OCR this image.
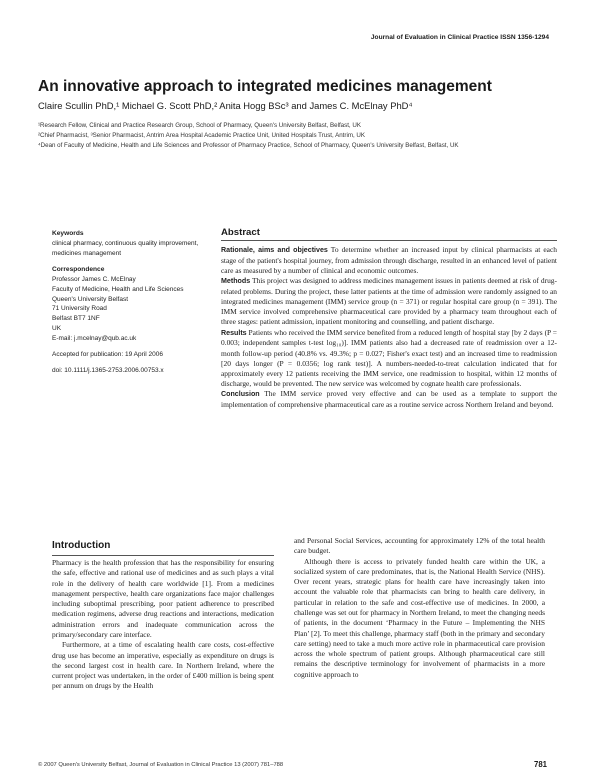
Journal of Evaluation in Clinical Practice ISSN 1356-1294
An innovative approach to integrated medicines management
Claire Scullin PhD,¹ Michael G. Scott PhD,² Anita Hogg BSc³ and James C. McElnay PhD⁴
¹Research Fellow, Clinical and Practice Research Group, School of Pharmacy, Queen's University Belfast, Belfast, UK
²Chief Pharmacist, ³Senior Pharmacist, Antrim Area Hospital Academic Practice Unit, United Hospitals Trust, Antrim, UK
⁴Dean of Faculty of Medicine, Health and Life Sciences and Professor of Pharmacy Practice, School of Pharmacy, Queen's University Belfast, Belfast, UK
Keywords
clinical pharmacy, continuous quality improvement, medicines management
Correspondence
Professor James C. McElnay
Faculty of Medicine, Health and Life Sciences
Queen's University Belfast
71 University Road
Belfast BT7 1NF
UK
E-mail: j.mcelnay@qub.ac.uk
Accepted for publication: 19 April 2006
doi: 10.1111/j.1365-2753.2006.00753.x
Abstract

Rationale, aims and objectives To determine whether an increased input by clinical pharmacists at each stage of the patient's hospital journey, from admission through discharge, resulted in an enhanced level of patient care as measured by a number of clinical and economic outcomes.

Methods This project was designed to address medicines management issues in patients deemed at risk of drug-related problems. During the project, these latter patients at the time of admission were randomly assigned to an integrated medicines management (IMM) service group (n = 371) or regular hospital care group (n = 391). The IMM service involved comprehensive pharmaceutical care provided by a pharmacy team throughout each of three stages: patient admission, inpatient monitoring and counselling, and patient discharge.

Results Patients who received the IMM service benefited from a reduced length of hospital stay [by 2 days (P = 0.003; independent samples t-test log₁₀)]. IMM patients also had a decreased rate of readmission over a 12-month follow-up period (40.8% vs. 49.3%; p = 0.027; Fisher's exact test) and an increased time to readmission [20 days longer (P = 0.0356; log rank test)]. A numbers-needed-to-treat calculation indicated that for approximately every 12 patients receiving the IMM service, one readmission to hospital, within 12 months of discharge, would be prevented. The new service was welcomed by cognate health care professionals.

Conclusion The IMM service proved very effective and can be used as a template to support the implementation of comprehensive pharmaceutical care as a routine service across Northern Ireland and beyond.

Introduction

Pharmacy is the health profession that has the responsibility for ensuring the safe, effective and rational use of medicines and as such plays a vital role in the delivery of health care worldwide [1]. From a medicines management perspective, health care organizations face major challenges including suboptimal prescribing, poor patient adherence to prescribed medication regimens, adverse drug reactions and interactions, medication administration errors and inadequate communication across the primary/secondary care interface.

Furthermore, at a time of escalating health care costs, cost-effective drug use has become an imperative, especially as expenditure on drugs is the second largest cost in health care. In Northern Ireland, where the current project was undertaken, in the order of £400 million is being spent per annum on drugs by the Health

and Personal Social Services, accounting for approximately 12% of the total health care budget.

Although there is access to privately funded health care within the UK, a socialized system of care predominates, that is, the National Health Service (NHS). Over recent years, strategic plans for health care have increasingly taken into account the valuable role that pharmacists can bring to health care delivery, in particular in relation to the safe and cost-effective use of medicines. In 2000, a challenge was set out for pharmacy in Northern Ireland, to meet the changing needs of patients, in the document ‘Pharmacy in the Future – Implementing the NHS Plan’ [2]. To meet this challenge, pharmacy staff (both in the primary and secondary care setting) need to take a much more active role in pharmaceutical care provision across the whole spectrum of patient groups. Although pharmaceutical care still remains the descriptive terminology for involvement of pharmacists in a more cognitive approach to

© 2007 Queen's University Belfast, Journal of Evaluation in Clinical Practice 13 (2007) 781–788	781
